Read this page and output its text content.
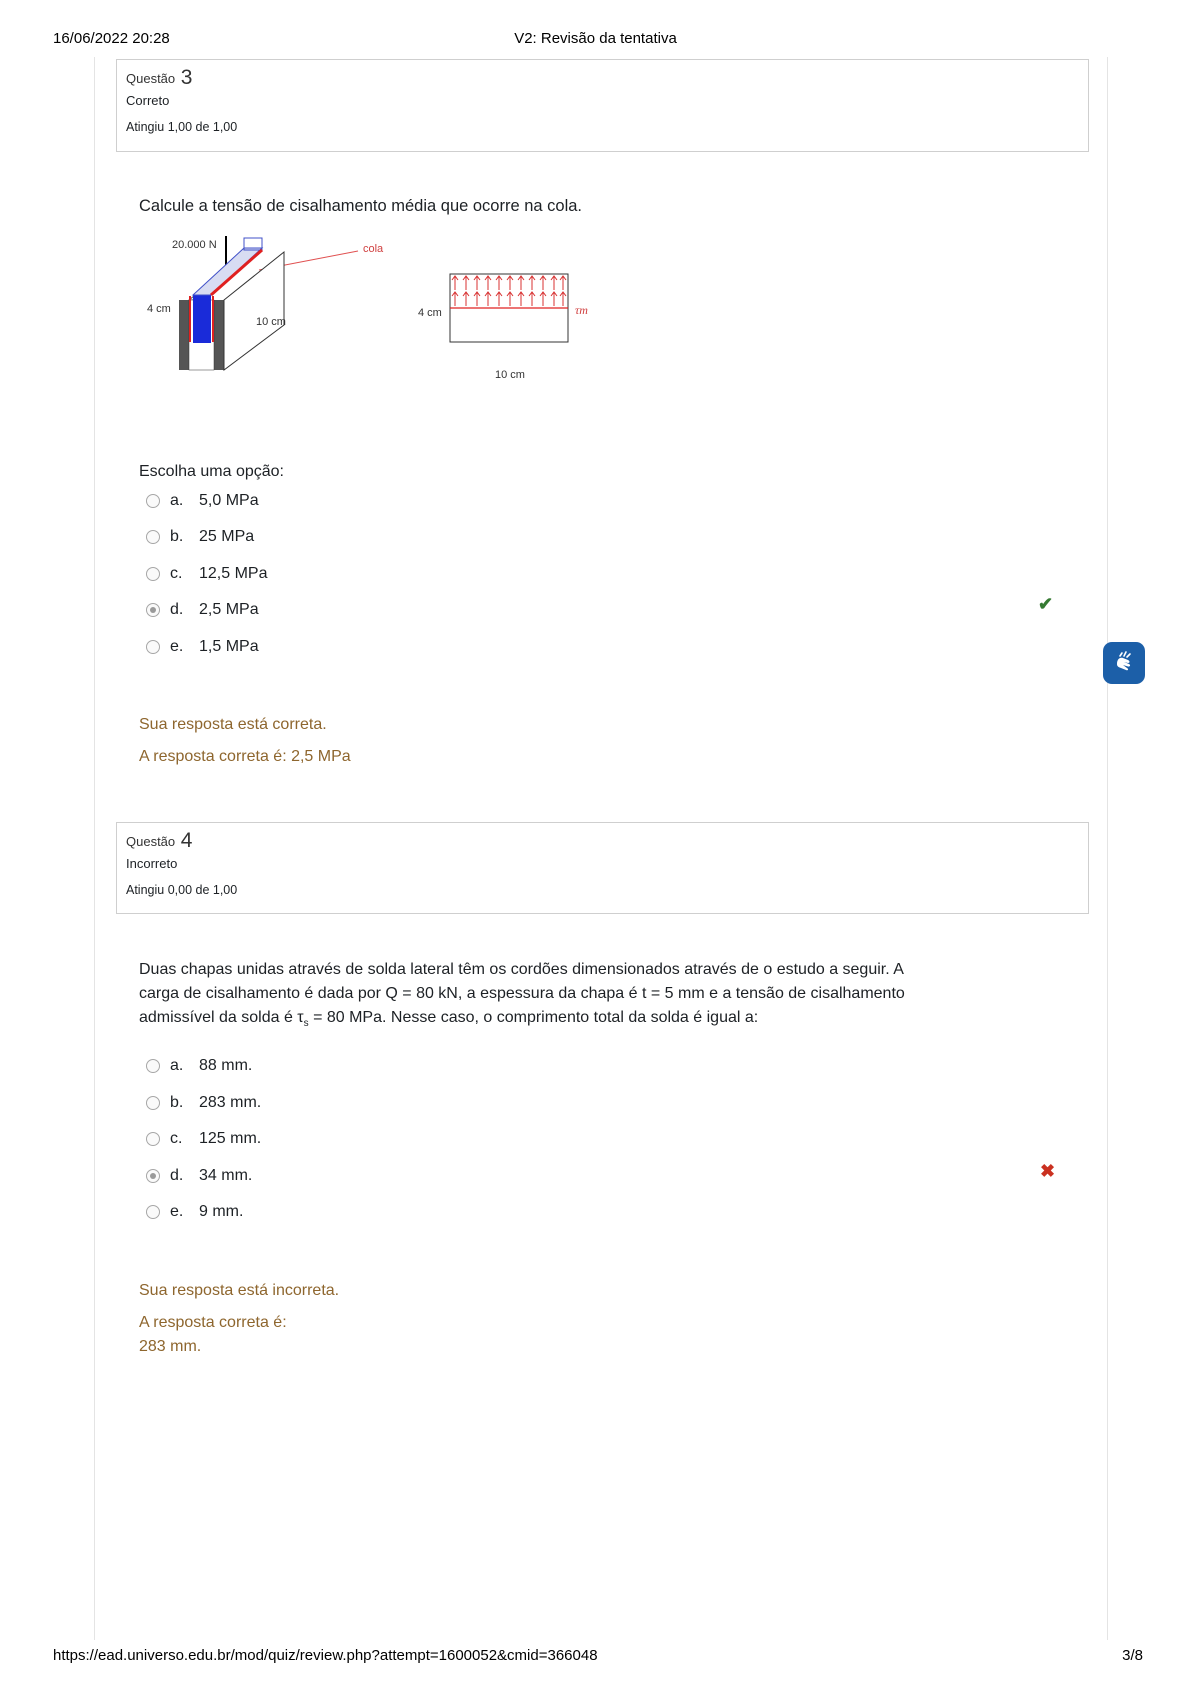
16/06/2022 20:28	V2: Revisão da tentativa
https://ead.universo.edu.br/mod/quiz/review.php?attempt=1600052&cmid=366048	3/8
Questão 3
Correto
Atingiu 1,00 de 1,00
Calcule a tensão de cisalhamento média que ocorre na cola.
20.000 N	cola
4 cm
10 cm
4 cm	τm
10 cm
Escolha uma opção:
a. 5,0 MPa
b. 25 MPa
c.	12,5 MPa
d. 2,5 MPa	✔
e. 1,5 MPa
Sua resposta está correta.
A resposta correta é: 2,5 MPa
Questão 4
Incorreto
Atingiu 0,00 de 1,00
Duas chapas unidas através de solda lateral têm os cordões dimensionados através de o estudo a seguir. A
carga de cisalhamento é dada por Q = 80 kN, a espessura da chapa é t = 5 mm e a tensão de cisalhamento
admissível da solda é $\tau_s = 80$ MPa. Nesse caso, o comprimento total da solda é igual a:
a. 88 mm.
b. 283 mm.
c.	125 mm.
d. 34 mm.	✖
e. 9 mm.
Sua resposta está incorreta.
A resposta correta é:
283 mm.
